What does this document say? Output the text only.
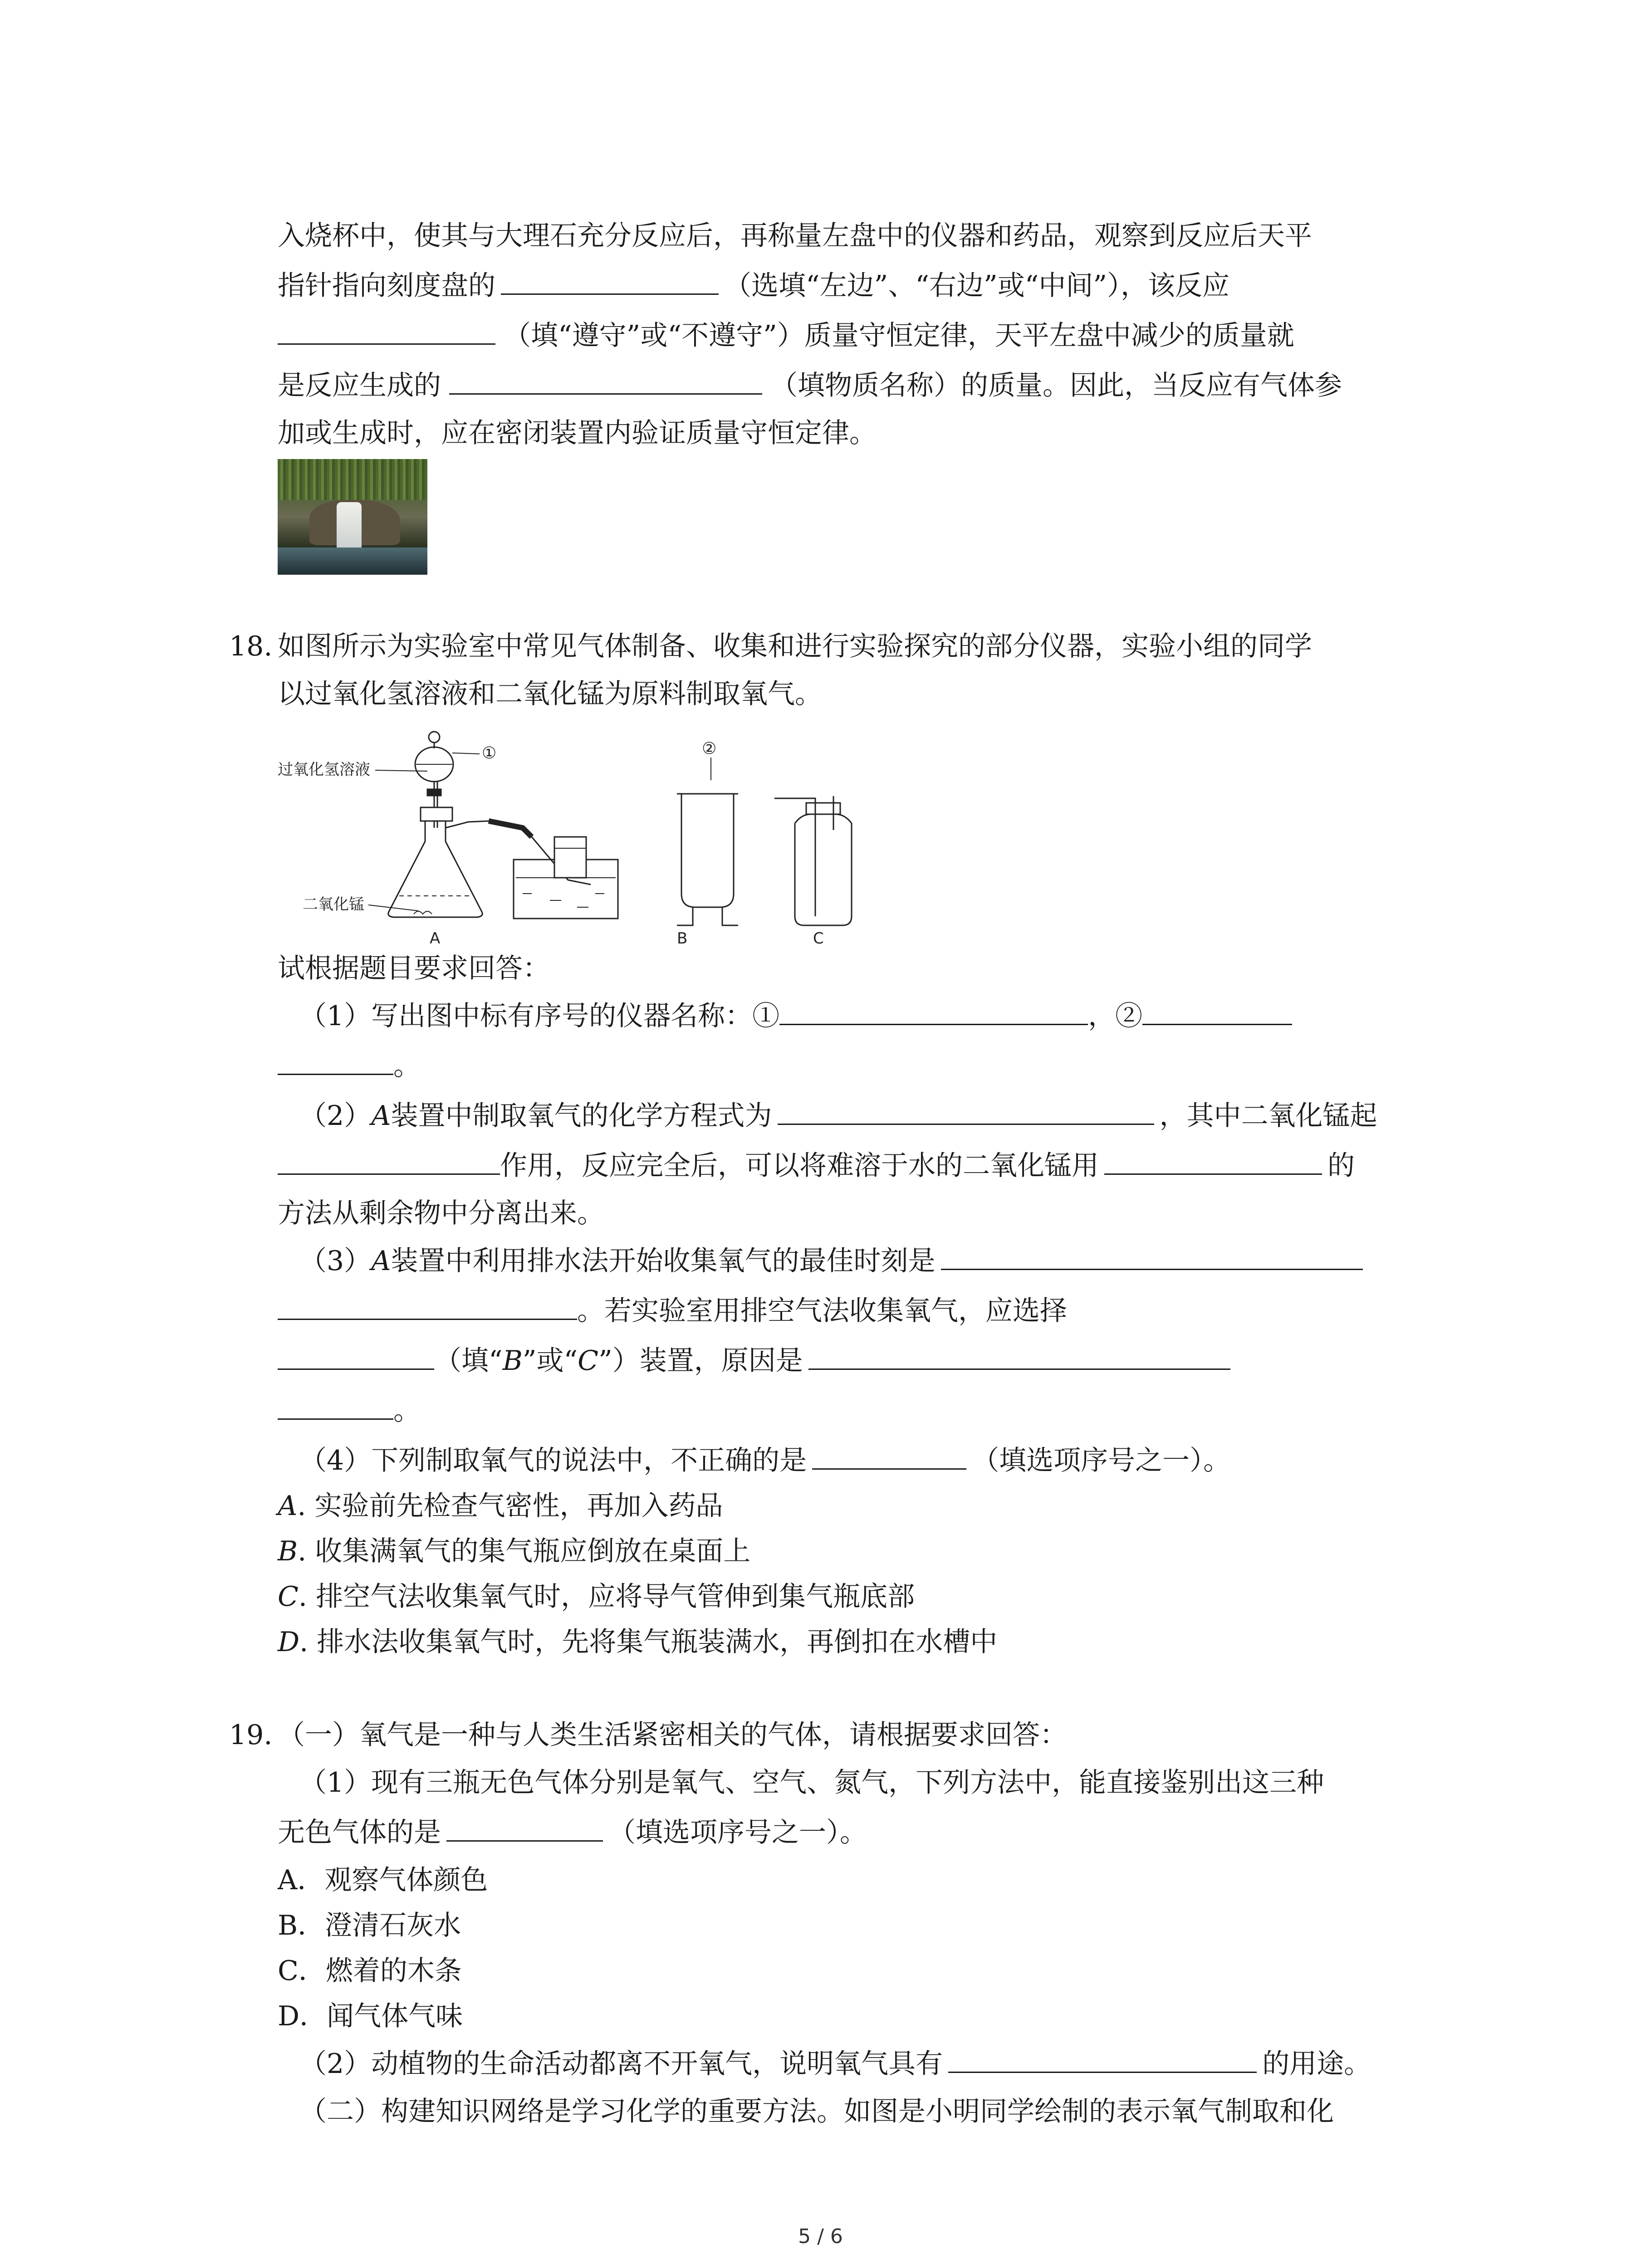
入烧杯中，使其与大理石充分反应后，再称量左盘中的仪器和药品，观察到反应后天平
指针指向刻度盘的	（选填“左边”、“右边”或“中间”），该反应
（填“遵守”或“不遵守”）质量守恒定律，天平左盘中减少的质量就
是反应生成的	（填物质名称）的质量。因此，当反应有气体参
加或生成时，应在密闭装置内验证质量守恒定律。
18. 如图所示为实验室中常见气体制备、收集和进行实验探究的部分仪器，实验小组的同学
以过氧化氢溶液和二氧化锰为原料制取氧气。
过氧化氢溶液
①
二氧化锰
A
②
B	C
试根据题目要求回答：
（1）写出图中标有序号的仪器名称：①	，②
。
（2）A装置中制取氧气的化学方程式为	，其中二氧化锰起
作用，反应完全后，可以将难溶于水的二氧化锰用	的
方法从剩余物中分离出来。
（3）A装置中利用排水法开始收集氧气的最佳时刻是
。若实验室用排空气法收集氧气，应选择
（填“B”或“C”）装置，原因是
。
（4）下列制取氧气的说法中，不正确的是	（填选项序号之一）。
A. 实验前先检查气密性，再加入药品
B. 收集满氧气的集气瓶应倒放在桌面上
C. 排空气法收集氧气时，应将导气管伸到集气瓶底部
D. 排水法收集氧气时，先将集气瓶装满水，再倒扣在水槽中
19. （一）氧气是一种与人类生活紧密相关的气体，请根据要求回答：
（1）现有三瓶无色气体分别是氧气、空气、氮气，下列方法中，能直接鉴别出这三种
无色气体的是	（填选项序号之一）。
A．观察气体颜色
B．澄清石灰水
C．燃着的木条
D．闻气体气味
（2）动植物的生命活动都离不开氧气，说明氧气具有	的用途。
（二）构建知识网络是学习化学的重要方法。如图是小明同学绘制的表示氧气制取和化
5 / 6
